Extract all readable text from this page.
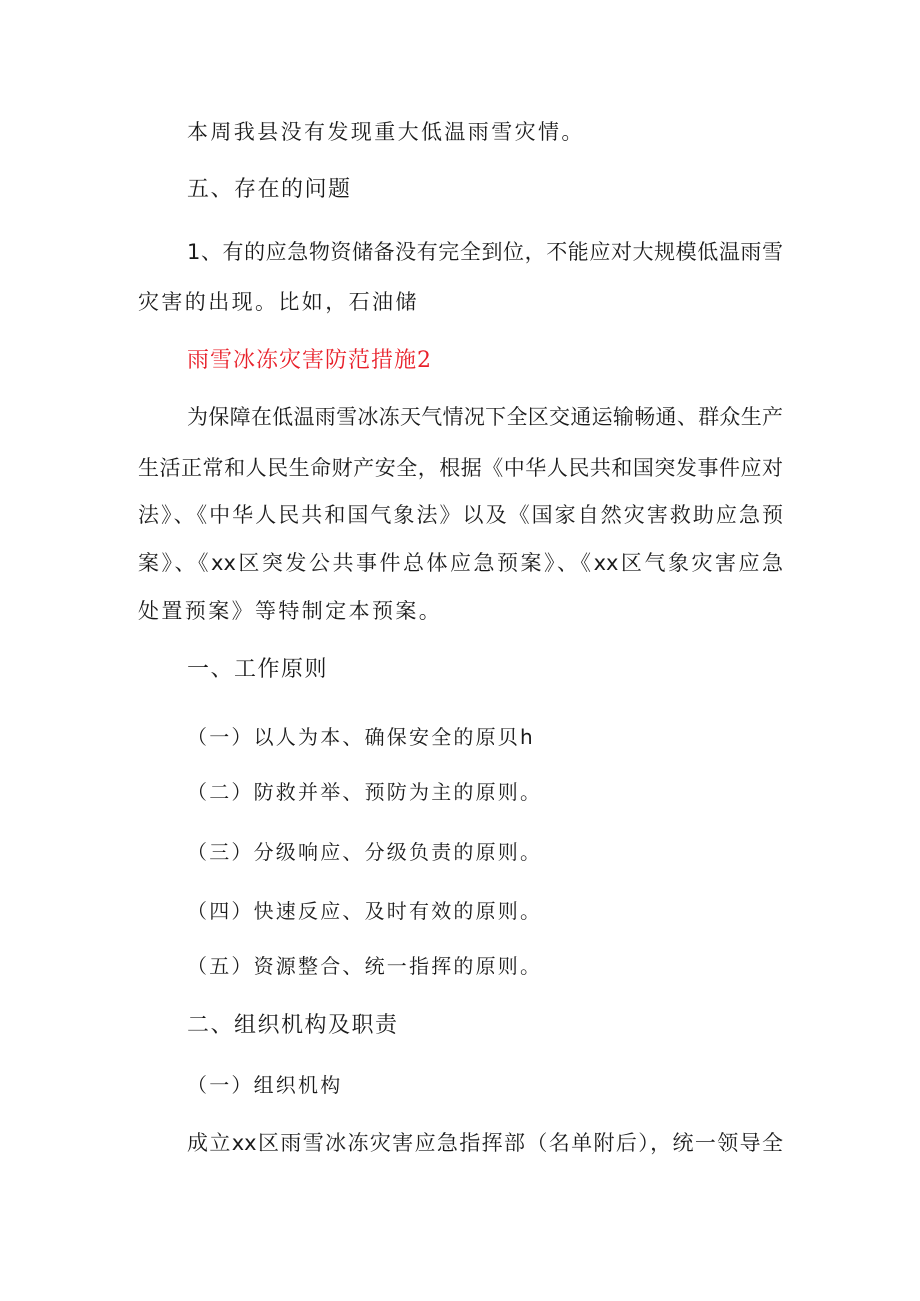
本周我县没有发现重大低温雨雪灾情。
五、存在的问题
1、有的应急物资储备没有完全到位，不能应对大规模低温雨雪
灾害的出现。比如，石油储
雨雪冰冻灾害防范措施2
为保障在低温雨雪冰冻天气情况下全区交通运输畅通、群众生产
生活正常和人民生命财产安全，根据《中华人民共和国突发事件应对
法》、《中华人民共和国气象法》以及《国家自然灾害救助应急预
案》、《xx区突发公共事件总体应急预案》、《xx区气象灾害应急
处置预案》等特制定本预案。
一、工作原则
（一）以人为本、确保安全的原贝h
（二）防救并举、预防为主的原则。
（三）分级响应、分级负责的原则。
（四）快速反应、及时有效的原则。
（五）资源整合、统一指挥的原则。
二、组织机构及职责
（一）组织机构
成立xx区雨雪冰冻灾害应急指挥部（名单附后），统一领导全
